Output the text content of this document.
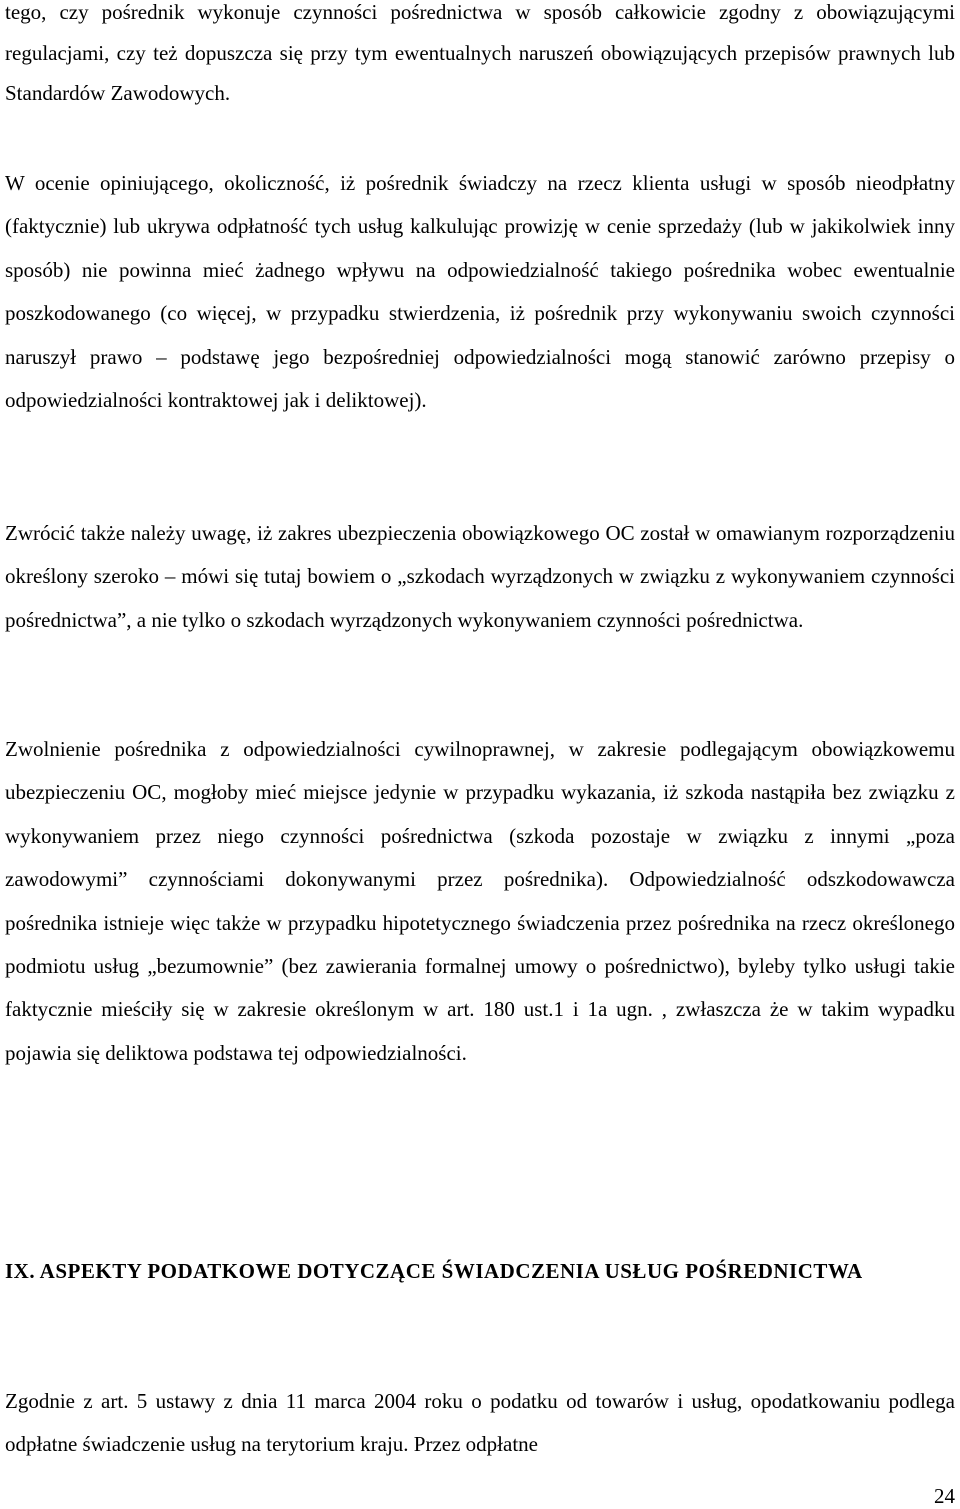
tego, czy pośrednik wykonuje czynności pośrednictwa w sposób całkowicie zgodny z obowiązującymi regulacjami, czy też dopuszcza się przy tym ewentualnych naruszeń obowiązujących przepisów prawnych lub Standardów Zawodowych.

W ocenie opiniującego, okoliczność, iż pośrednik świadczy na rzecz klienta usługi w sposób nieodpłatny (faktycznie) lub ukrywa odpłatność tych usług kalkulując prowizję w cenie sprzedaży (lub w jakikolwiek inny sposób) nie powinna mieć żadnego wpływu na odpowiedzialność takiego pośrednika wobec ewentualnie poszkodowanego (co więcej, w przypadku stwierdzenia, iż pośrednik przy wykonywaniu swoich czynności naruszył prawo – podstawę jego bezpośredniej odpowiedzialności mogą stanowić zarówno przepisy o odpowiedzialności kontraktowej jak i deliktowej).

Zwrócić także należy uwagę, iż zakres ubezpieczenia obowiązkowego OC został w omawianym rozporządzeniu określony szeroko – mówi się tutaj bowiem o „szkodach wyrządzonych w związku z wykonywaniem czynności pośrednictwa”, a nie tylko o szkodach wyrządzonych wykonywaniem czynności pośrednictwa.

Zwolnienie pośrednika z odpowiedzialności cywilnoprawnej, w zakresie podlegającym obowiązkowemu ubezpieczeniu OC, mogłoby mieć miejsce jedynie w przypadku wykazania, iż szkoda nastąpiła bez związku z wykonywaniem przez niego czynności pośrednictwa (szkoda pozostaje w związku z innymi „poza zawodowymi” czynnościami dokonywanymi przez pośrednika). Odpowiedzialność odszkodowawcza pośrednika istnieje więc także w przypadku hipotetycznego świadczenia przez pośrednika na rzecz określonego podmiotu usług „bezumownie” (bez zawierania formalnej umowy o pośrednictwo), byleby tylko usługi takie faktycznie mieściły się w zakresie określonym w art. 180 ust.1 i 1a ugn. , zwłaszcza że w takim wypadku pojawia się deliktowa podstawa tej odpowiedzialności.

IX. ASPEKTY PODATKOWE DOTYCZĄCE ŚWIADCZENIA USŁUG POŚREDNICTWA

Zgodnie z art. 5 ustawy z dnia 11 marca 2004 roku o podatku od towarów i usług, opodatkowaniu podlega odpłatne świadczenie usług na terytorium kraju. Przez odpłatne

24
